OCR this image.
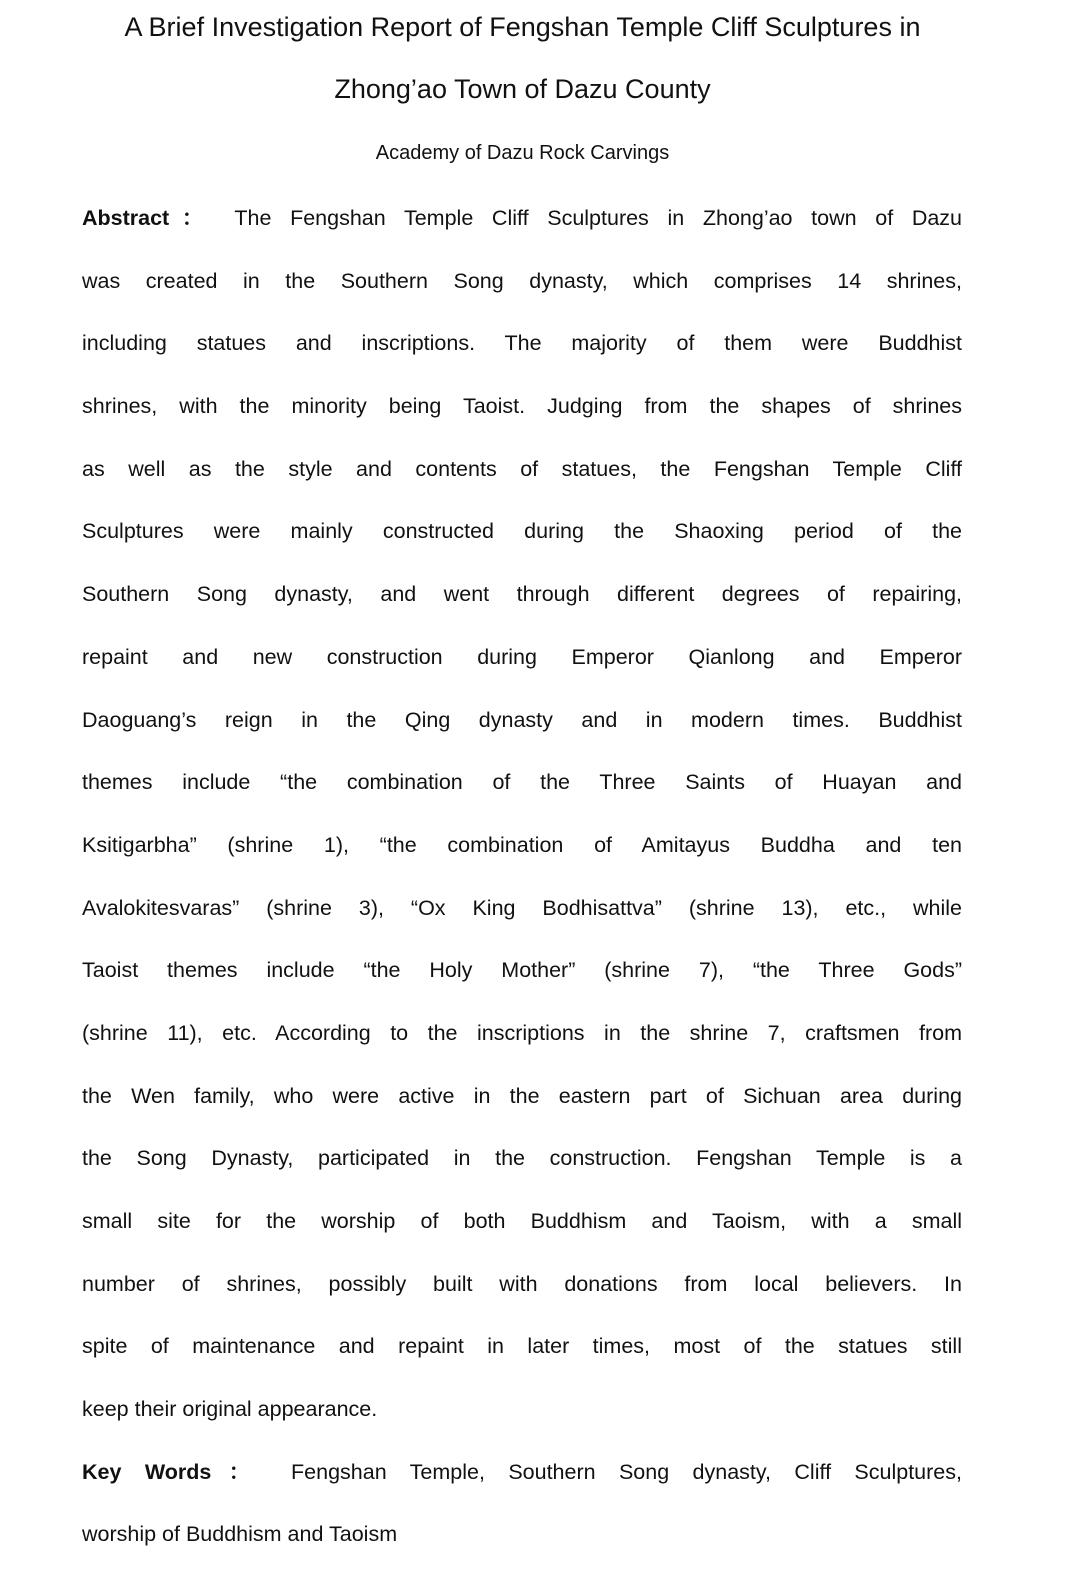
A Brief Investigation Report of Fengshan Temple Cliff Sculptures in
Zhong’ao Town of Dazu County
Academy of Dazu Rock Carvings
Abstract： The Fengshan Temple Cliff Sculptures in Zhong’ao town of Dazu
was created in the Southern Song dynasty, which comprises 14 shrines,
including statues and inscriptions. The majority of them were Buddhist
shrines, with the minority being Taoist. Judging from the shapes of shrines
as well as the style and contents of statues, the Fengshan Temple Cliff
Sculptures were mainly constructed during the Shaoxing period of the
Southern Song dynasty, and went through different degrees of repairing,
repaint and new construction during Emperor Qianlong and Emperor
Daoguang’s reign in the Qing dynasty and in modern times. Buddhist
themes include “the combination of the Three Saints of Huayan and
Ksitigarbha” (shrine 1), “the combination of Amitayus Buddha and ten
Avalokitesvaras” (shrine 3), “Ox King Bodhisattva” (shrine 13), etc., while
Taoist themes include “the Holy Mother” (shrine 7), “the Three Gods”
(shrine 11), etc. According to the inscriptions in the shrine 7, craftsmen from
the Wen family, who were active in the eastern part of Sichuan area during
the Song Dynasty, participated in the construction. Fengshan Temple is a
small site for the worship of both Buddhism and Taoism, with a small
number of shrines, possibly built with donations from local believers. In
spite of maintenance and repaint in later times, most of the statues still
keep their original appearance.
Key Words： Fengshan Temple, Southern Song dynasty, Cliff Sculptures,
worship of Buddhism and Taoism
